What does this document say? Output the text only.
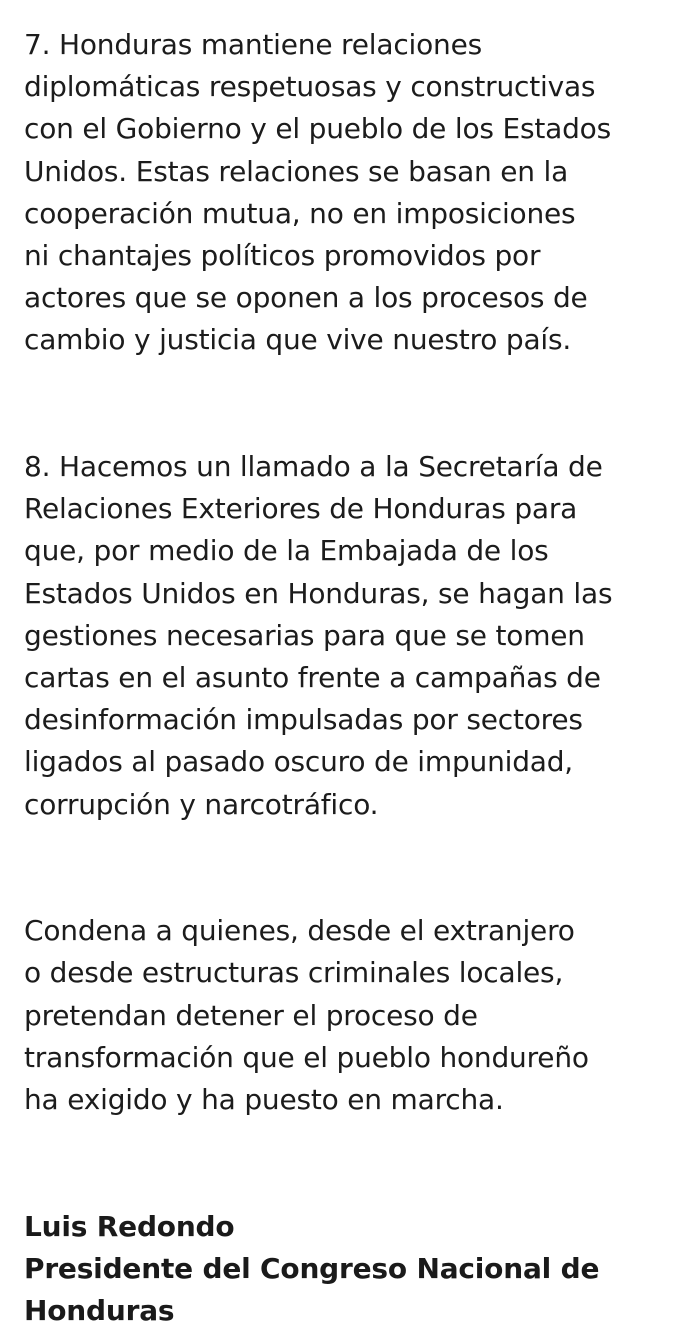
7. Honduras mantiene relaciones
diplomáticas respetuosas y constructivas
con el Gobierno y el pueblo de los Estados
Unidos. Estas relaciones se basan en la
cooperación mutua, no en imposiciones
ni chantajes políticos promovidos por
actores que se oponen a los procesos de
cambio y justicia que vive nuestro país.
8. Hacemos un llamado a la Secretaría de
Relaciones Exteriores de Honduras para
que, por medio de la Embajada de los
Estados Unidos en Honduras, se hagan las
gestiones necesarias para que se tomen
cartas en el asunto frente a campañas de
desinformación impulsadas por sectores
ligados al pasado oscuro de impunidad,
corrupción y narcotráfico.
Condena a quienes, desde el extranjero
o desde estructuras criminales locales,
pretendan detener el proceso de
transformación que el pueblo hondureño
ha exigido y ha puesto en marcha.
Luis Redondo
Presidente del Congreso Nacional de
Honduras
